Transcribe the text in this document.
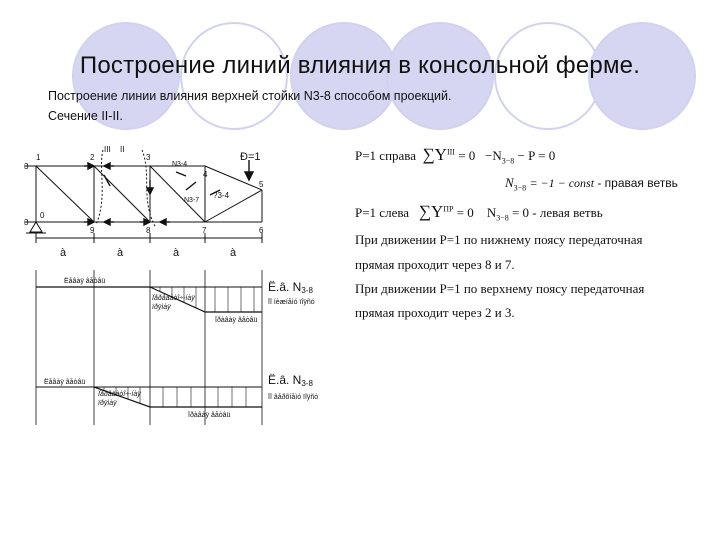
Построение линий влияния в консольной ферме.
Построение линии влияния верхней стойки N3-8 способом проекций.
Сечение II-II.
1	2	3
4
5
0
9	8	7	6
III II
N3-4
N3-7
?3-4
Ð=1
à	à	à	à
3
3
Ëåâàÿ âåòâü
Ïåðåäàòî÷-íàÿ
ïðÿìàÿ
Ïðàâàÿ âåòâü
Ë.â. N3-8
Ïî íèæíåìó ïîÿñó
Ëåâàÿ âåòâü
Ïåðåäàòî÷-íàÿ
ïðÿìàÿ
Ïðàâàÿ âåòâü
Ë.â. N3-8
Ïî âåðõíåìó ïîÿñó
P=1 справа $\sum Y^{III} = 0 -N_{3-8} - P = 0$
$N_{3-8} = -1$ − const - правая ветвь
P=1 слева $\sum Y^{ПР} = 0$ $N_{3-8} = 0$ - левая ветвь
При движении P=1 по нижнему поясу передаточная
прямая проходит через 8 и 7.
При движении P=1 по верхнему поясу передаточная
прямая проходит через 2 и 3.
